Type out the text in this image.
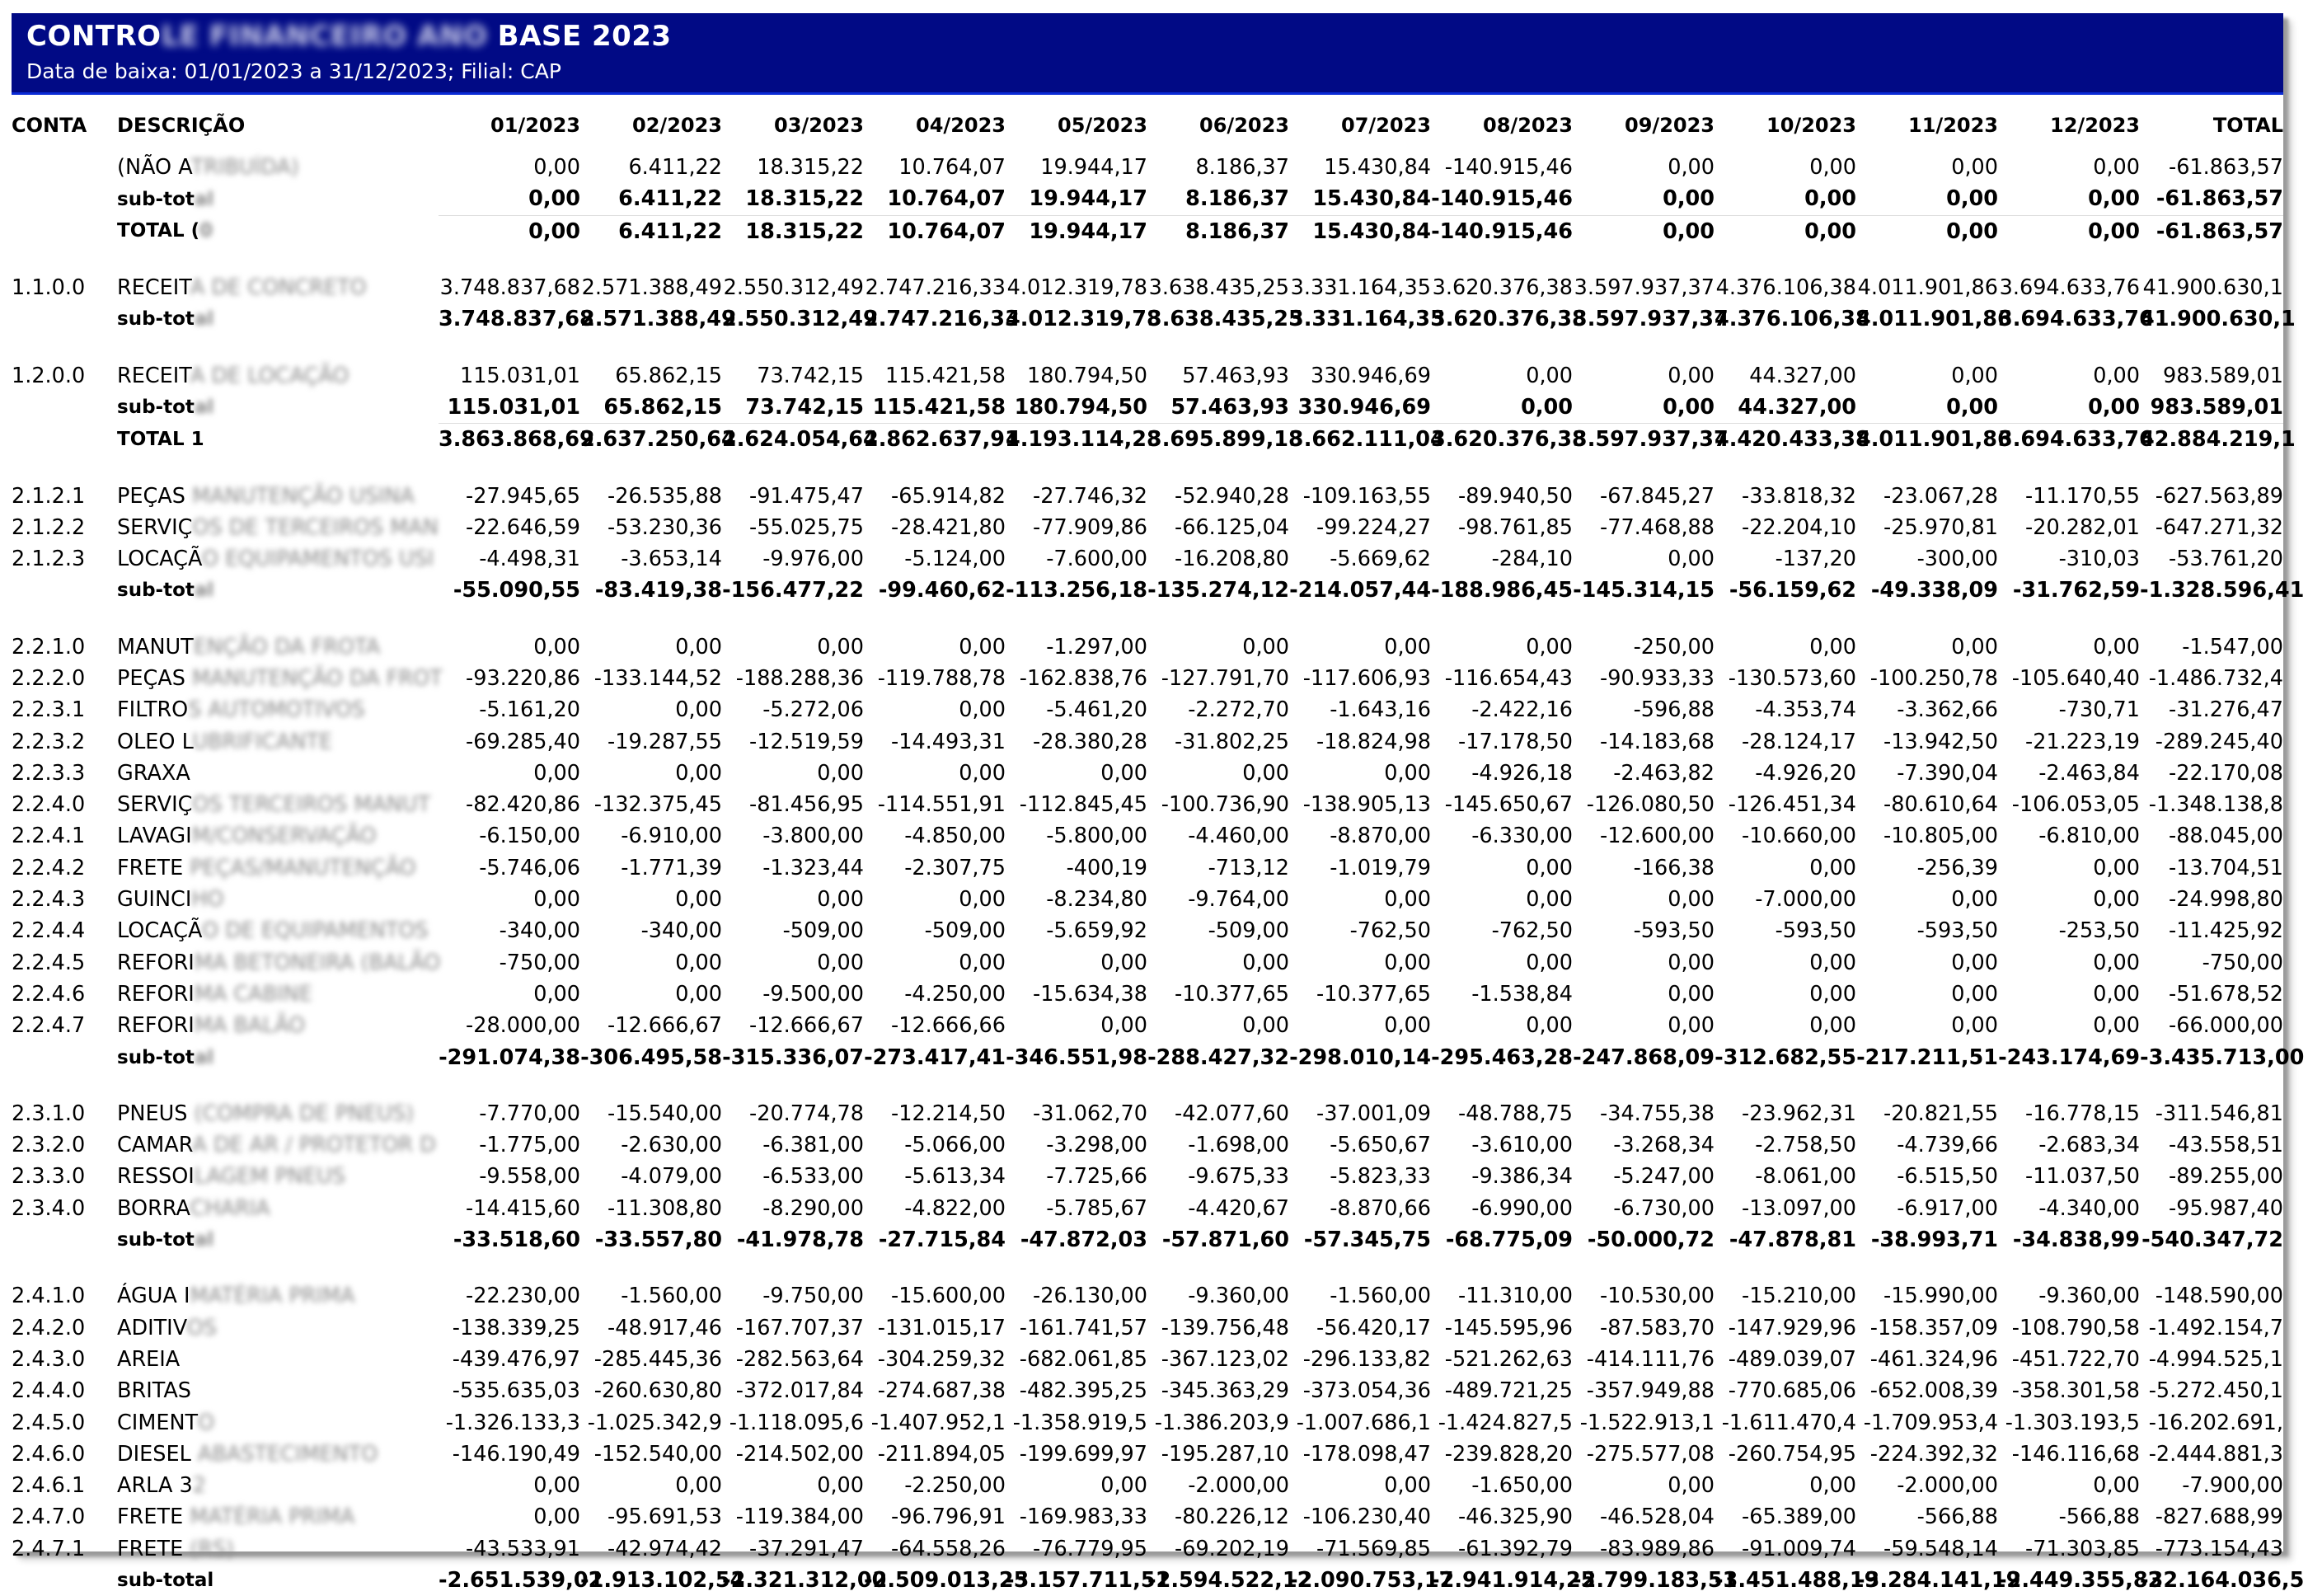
CONTROLE FINANCEIRO ANO BASE 2023
Data de baixa: 01/01/2023 a 31/12/2023; Filial: CAP
CONTA	DESCRIÇÃO	01/2023	02/2023	03/2023	04/2023	05/2023	06/2023	07/2023	08/2023	09/2023	10/2023	11/2023	12/2023	TOTAL
	(NÃO ATRIBUÍDA)	0,00	6.411,22	18.315,22	10.764,07	19.944,17	8.186,37	15.430,84	-140.915,46	0,00	0,00	0,00	0,00	-61.863,57
	sub-total	0,00	6.411,22	18.315,22	10.764,07	19.944,17	8.186,37	15.430,84	-140.915,46	0,00	0,00	0,00	0,00	-61.863,57
	TOTAL (0	0,00	6.411,22	18.315,22	10.764,07	19.944,17	8.186,37	15.430,84	-140.915,46	0,00	0,00	0,00	0,00	-61.863,57

1.1.0.0	RECEITA DE CONCRETO	3.748.837,68	2.571.388,49	2.550.312,49	2.747.216,33	4.012.319,78	3.638.435,25	3.331.164,35	3.620.376,38	3.597.937,37	4.376.106,38	4.011.901,86	3.694.633,76	41.900.630,1
	sub-total	3.748.837,68	2.571.388,49	2.550.312,49	2.747.216,33	4.012.319,78	3.638.435,25	3.331.164,35	3.620.376,38	3.597.937,37	4.376.106,38	4.011.901,86	3.694.633,76	41.900.630,1

1.2.0.0	RECEITA DE LOCAÇÃO	115.031,01	65.862,15	73.742,15	115.421,58	180.794,50	57.463,93	330.946,69	0,00	0,00	44.327,00	0,00	0,00	983.589,01
	sub-total	115.031,01	65.862,15	73.742,15	115.421,58	180.794,50	57.463,93	330.946,69	0,00	0,00	44.327,00	0,00	0,00	983.589,01
	TOTAL 1	3.863.868,69	2.637.250,64	2.624.054,64	2.862.637,91	4.193.114,28	3.695.899,18	3.662.111,04	3.620.376,38	3.597.937,37	4.420.433,38	4.011.901,86	3.694.633,76	42.884.219,1

2.1.2.1	PEÇAS MANUTENÇÃO USINA	-27.945,65	-26.535,88	-91.475,47	-65.914,82	-27.746,32	-52.940,28	-109.163,55	-89.940,50	-67.845,27	-33.818,32	-23.067,28	-11.170,55	-627.563,89
2.1.2.2	SERVIÇOS DE TERCEIROS MAN	-22.646,59	-53.230,36	-55.025,75	-28.421,80	-77.909,86	-66.125,04	-99.224,27	-98.761,85	-77.468,88	-22.204,10	-25.970,81	-20.282,01	-647.271,32
2.1.2.3	LOCAÇÃO EQUIPAMENTOS USI	-4.498,31	-3.653,14	-9.976,00	-5.124,00	-7.600,00	-16.208,80	-5.669,62	-284,10	0,00	-137,20	-300,00	-310,03	-53.761,20
	sub-total	-55.090,55	-83.419,38	-156.477,22	-99.460,62	-113.256,18	-135.274,12	-214.057,44	-188.986,45	-145.314,15	-56.159,62	-49.338,09	-31.762,59	-1.328.596,41

2.2.1.0	MANUTENÇÃO DA FROTA	0,00	0,00	0,00	0,00	-1.297,00	0,00	0,00	0,00	-250,00	0,00	0,00	0,00	-1.547,00
2.2.2.0	PEÇAS MANUTENÇÃO DA FROT	-93.220,86	-133.144,52	-188.288,36	-119.788,78	-162.838,76	-127.791,70	-117.606,93	-116.654,43	-90.933,33	-130.573,60	-100.250,78	-105.640,40	-1.486.732,4
2.2.3.1	FILTROS AUTOMOTIVOS	-5.161,20	0,00	-5.272,06	0,00	-5.461,20	-2.272,70	-1.643,16	-2.422,16	-596,88	-4.353,74	-3.362,66	-730,71	-31.276,47
2.2.3.2	OLEO LUBRIFICANTE	-69.285,40	-19.287,55	-12.519,59	-14.493,31	-28.380,28	-31.802,25	-18.824,98	-17.178,50	-14.183,68	-28.124,17	-13.942,50	-21.223,19	-289.245,40
2.2.3.3	GRAXA	0,00	0,00	0,00	0,00	0,00	0,00	0,00	-4.926,18	-2.463,82	-4.926,20	-7.390,04	-2.463,84	-22.170,08
2.2.4.0	SERVIÇOS TERCEIROS MANUT	-82.420,86	-132.375,45	-81.456,95	-114.551,91	-112.845,45	-100.736,90	-138.905,13	-145.650,67	-126.080,50	-126.451,34	-80.610,64	-106.053,05	-1.348.138,8
2.2.4.1	LAVAGIM/CONSERVAÇÃO	-6.150,00	-6.910,00	-3.800,00	-4.850,00	-5.800,00	-4.460,00	-8.870,00	-6.330,00	-12.600,00	-10.660,00	-10.805,00	-6.810,00	-88.045,00
2.2.4.2	FRETE PEÇAS/MANUTENÇÃO	-5.746,06	-1.771,39	-1.323,44	-2.307,75	-400,19	-713,12	-1.019,79	0,00	-166,38	0,00	-256,39	0,00	-13.704,51
2.2.4.3	GUINCIHO	0,00	0,00	0,00	0,00	-8.234,80	-9.764,00	0,00	0,00	0,00	-7.000,00	0,00	0,00	-24.998,80
2.2.4.4	LOCAÇÃO DE EQUIPAMENTOS	-340,00	-340,00	-509,00	-509,00	-5.659,92	-509,00	-762,50	-762,50	-593,50	-593,50	-593,50	-253,50	-11.425,92
2.2.4.5	REFORIMA BETONEIRA (BALÃO	-750,00	0,00	0,00	0,00	0,00	0,00	0,00	0,00	0,00	0,00	0,00	0,00	-750,00
2.2.4.6	REFORIMA CABINE	0,00	0,00	-9.500,00	-4.250,00	-15.634,38	-10.377,65	-10.377,65	-1.538,84	0,00	0,00	0,00	0,00	-51.678,52
2.2.4.7	REFORIMA BALÃO	-28.000,00	-12.666,67	-12.666,67	-12.666,66	0,00	0,00	0,00	0,00	0,00	0,00	0,00	0,00	-66.000,00
	sub-total	-291.074,38	-306.495,58	-315.336,07	-273.417,41	-346.551,98	-288.427,32	-298.010,14	-295.463,28	-247.868,09	-312.682,55	-217.211,51	-243.174,69	-3.435.713,00

2.3.1.0	PNEUS (COMPRA DE PNEUS)	-7.770,00	-15.540,00	-20.774,78	-12.214,50	-31.062,70	-42.077,60	-37.001,09	-48.788,75	-34.755,38	-23.962,31	-20.821,55	-16.778,15	-311.546,81
2.3.2.0	CAMARA DE AR / PROTETOR D	-1.775,00	-2.630,00	-6.381,00	-5.066,00	-3.298,00	-1.698,00	-5.650,67	-3.610,00	-3.268,34	-2.758,50	-4.739,66	-2.683,34	-43.558,51
2.3.3.0	RESSOILAGEM PNEUS	-9.558,00	-4.079,00	-6.533,00	-5.613,34	-7.725,66	-9.675,33	-5.823,33	-9.386,34	-5.247,00	-8.061,00	-6.515,50	-11.037,50	-89.255,00
2.3.4.0	BORRACHARIA	-14.415,60	-11.308,80	-8.290,00	-4.822,00	-5.785,67	-4.420,67	-8.870,66	-6.990,00	-6.730,00	-13.097,00	-6.917,00	-4.340,00	-95.987,40
	sub-total	-33.518,60	-33.557,80	-41.978,78	-27.715,84	-47.872,03	-57.871,60	-57.345,75	-68.775,09	-50.000,72	-47.878,81	-38.993,71	-34.838,99	-540.347,72

2.4.1.0	ÁGUA IMATÉRIA PRIMA	-22.230,00	-1.560,00	-9.750,00	-15.600,00	-26.130,00	-9.360,00	-1.560,00	-11.310,00	-10.530,00	-15.210,00	-15.990,00	-9.360,00	-148.590,00
2.4.2.0	ADITIVOS	-138.339,25	-48.917,46	-167.707,37	-131.015,17	-161.741,57	-139.756,48	-56.420,17	-145.595,96	-87.583,70	-147.929,96	-158.357,09	-108.790,58	-1.492.154,7
2.4.3.0	AREIA	-439.476,97	-285.445,36	-282.563,64	-304.259,32	-682.061,85	-367.123,02	-296.133,82	-521.262,63	-414.111,76	-489.039,07	-461.324,96	-451.722,70	-4.994.525,1
2.4.4.0	BRITAS	-535.635,03	-260.630,80	-372.017,84	-274.687,38	-482.395,25	-345.363,29	-373.054,36	-489.721,25	-357.949,88	-770.685,06	-652.008,39	-358.301,58	-5.272.450,1
2.4.5.0	CIMENTO	-1.326.133,3	-1.025.342,9	-1.118.095,6	-1.407.952,1	-1.358.919,5	-1.386.203,9	-1.007.686,1	-1.424.827,5	-1.522.913,1	-1.611.470,4	-1.709.953,4	-1.303.193,5	-16.202.691,
2.4.6.0	DIESEL ABASTECIMENTO	-146.190,49	-152.540,00	-214.502,00	-211.894,05	-199.699,97	-195.287,10	-178.098,47	-239.828,20	-275.577,08	-260.754,95	-224.392,32	-146.116,68	-2.444.881,3
2.4.6.1	ARLA 32	0,00	0,00	0,00	-2.250,00	0,00	-2.000,00	0,00	-1.650,00	0,00	0,00	-2.000,00	0,00	-7.900,00
2.4.7.0	FRETE MATÉRIA PRIMA	0,00	-95.691,53	-119.384,00	-96.796,91	-169.983,33	-80.226,12	-106.230,40	-46.325,90	-46.528,04	-65.389,00	-566,88	-566,88	-827.688,99
2.4.7.1	FRETE (RS)	-43.533,91	-42.974,42	-37.291,47	-64.558,26	-76.779,95	-69.202,19	-71.569,85	-61.392,79	-83.989,86	-91.009,74	-59.548,14	-71.303,85	-773.154,43
	sub-total	-2.651.539,02	-1.913.102,54	-2.321.312,00	-2.509.013,25	-3.157.711,51	-2.594.522,12	-2.090.753,17	-2.941.914,25	-2.799.183,51	-3.451.488,19	-3.284.141,19	-2.449.355,82	-32.164.036,5
